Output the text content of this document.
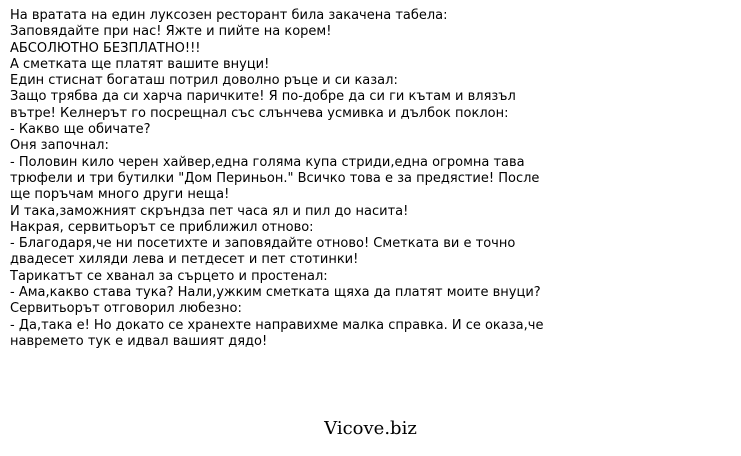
На вратата на един луксозен ресторант била закачена табела:
Заповядайте при нас! Яжте и пийте на корем!
АБСОЛЮТНО БЕЗПЛАТНО!!!
А сметката ще платят вашите внуци!
Един стиснат богаташ потрил доволно ръце и си казал:
Защо трябва да си харча паричките! Я по-добре да си ги кътам и влязъл
вътре! Келнерът го посрещнал със слънчева усмивка и дълбок поклон:
- Какво ще обичате?
Оня започнал:
- Половин кило черен хайвер,една голяма купа стриди,една огромна тава
трюфели и три бутилки "Дом Периньон." Всичко това е за предястие! После
ще поръчам много други неща!
И така,заможният скръндза пет часа ял и пил до насита!
Накрая, сервитьорът се приближил отново:
- Благодаря,че ни посетихте и заповядайте отново! Сметката ви е точно
двадесет хиляди лева и петдесет и пет стотинки!
Тарикатът се хванал за сърцето и простенал:
- Ама,какво става тука? Нали,ужким сметката щяха да платят моите внуци?
Сервитьорът отговорил любезно:
- Да,така е! Но докато се хранехте направихме малка справка. И се оказа,че
навремето тук е идвал вашият дядо!
Vicove.biz
